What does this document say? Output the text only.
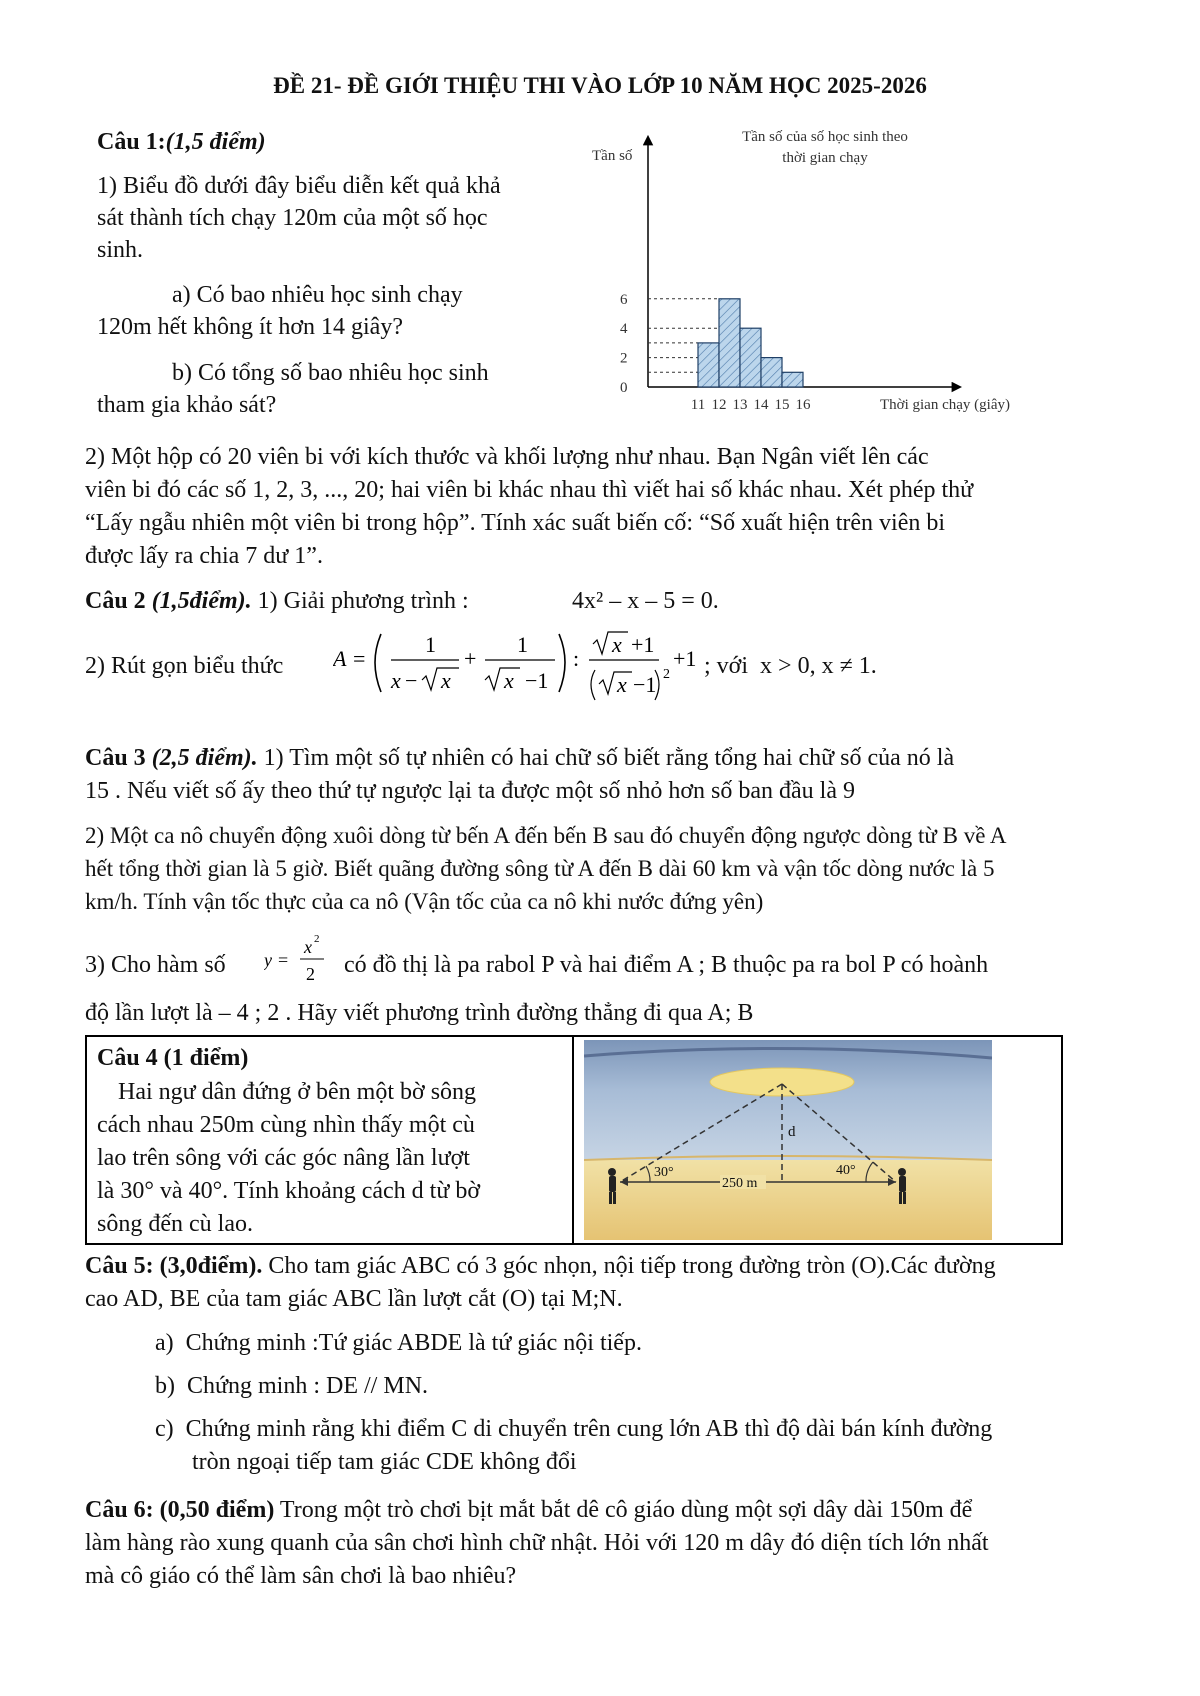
ĐỀ 21- ĐỀ GIỚI THIỆU THI VÀO LỚP 10 NĂM HỌC 2025-2026
Câu 1:(1,5 điểm)
1) Biểu đồ dưới đây biểu diễn kết quả khả
sát thành tích chạy 120m của một số học
sinh.
a) Có bao nhiêu học sinh chạy
120m hết không ít hơn 14 giây?
b) Có tổng số bao nhiêu học sinh
tham gia khảo sát?
Tần số của số học sinh theo
thời gian chạy
Tần số
0
2
4
6
11 12 13 14 15 16	Thời gian chạy (giây)
2) Một hộp có 20 viên bi với kích thước và khối lượng như nhau. Bạn Ngân viết lên các
viên bi đó các số 1, 2, 3, ..., 20; hai viên bi khác nhau thì viết hai số khác nhau. Xét phép thử
“Lấy ngẫu nhiên một viên bi trong hộp”. Tính xác suất biến cố: “Số xuất hiện trên viên bi
được lấy ra chia 7 dư 1”.
Câu 2 (1,5điểm). 1) Giải phương trình :	4x² – x – 5 = 0.
2) Rút gọn biểu thức A =
1
x − x
+
1
x −1
:
x +1
x −1 2
+1 ; với x > 0, x ≠ 1.
Câu 3 (2,5 điểm). 1) Tìm một số tự nhiên có hai chữ số biết rằng tổng hai chữ số của nó là
15 . Nếu viết số ấy theo thứ tự ngược lại ta được một số nhỏ hơn số ban đầu là 9
2) Một ca nô chuyển động xuôi dòng từ bến A đến bến B sau đó chuyển động ngược dòng từ B về A
hết tổng thời gian là 5 giờ. Biết quãng đường sông từ A đến B dài 60 km và vận tốc dòng nước là 5
km/h. Tính vận tốc thực của ca nô (Vận tốc của ca nô khi nước đứng yên)
3) Cho hàm số y =
x 2
2 có đồ thị là pa rabol P và hai điểm A ; B thuộc pa ra bol P có hoành
độ lần lượt là – 4 ; 2 . Hãy viết phương trình đường thẳng đi qua A; B
Câu 4 (1 điểm)
Hai ngư dân đứng ở bên một bờ sông
cách nhau 250m cùng nhìn thấy một cù
lao trên sông với các góc nâng lần lượt
là 30° và 40°. Tính khoảng cách d từ bờ
sông đến cù lao.
30°	40°
250 m
d
Câu 5: (3,0điểm). Cho tam giác ABC có 3 góc nhọn, nội tiếp trong đường tròn (O).Các đường
cao AD, BE của tam giác ABC lần lượt cắt (O) tại M;N.
a) Chứng minh :Tứ giác ABDE là tứ giác nội tiếp.
b) Chứng minh : DE // MN.
c) Chứng minh rằng khi điểm C di chuyển trên cung lớn AB thì độ dài bán kính đường
tròn ngoại tiếp tam giác CDE không đổi
Câu 6: (0,50 điểm) Trong một trò chơi bịt mắt bắt dê cô giáo dùng một sợi dây dài 150m để
làm hàng rào xung quanh của sân chơi hình chữ nhật. Hỏi với 120 m dây đó diện tích lớn nhất
mà cô giáo có thể làm sân chơi là bao nhiêu?
